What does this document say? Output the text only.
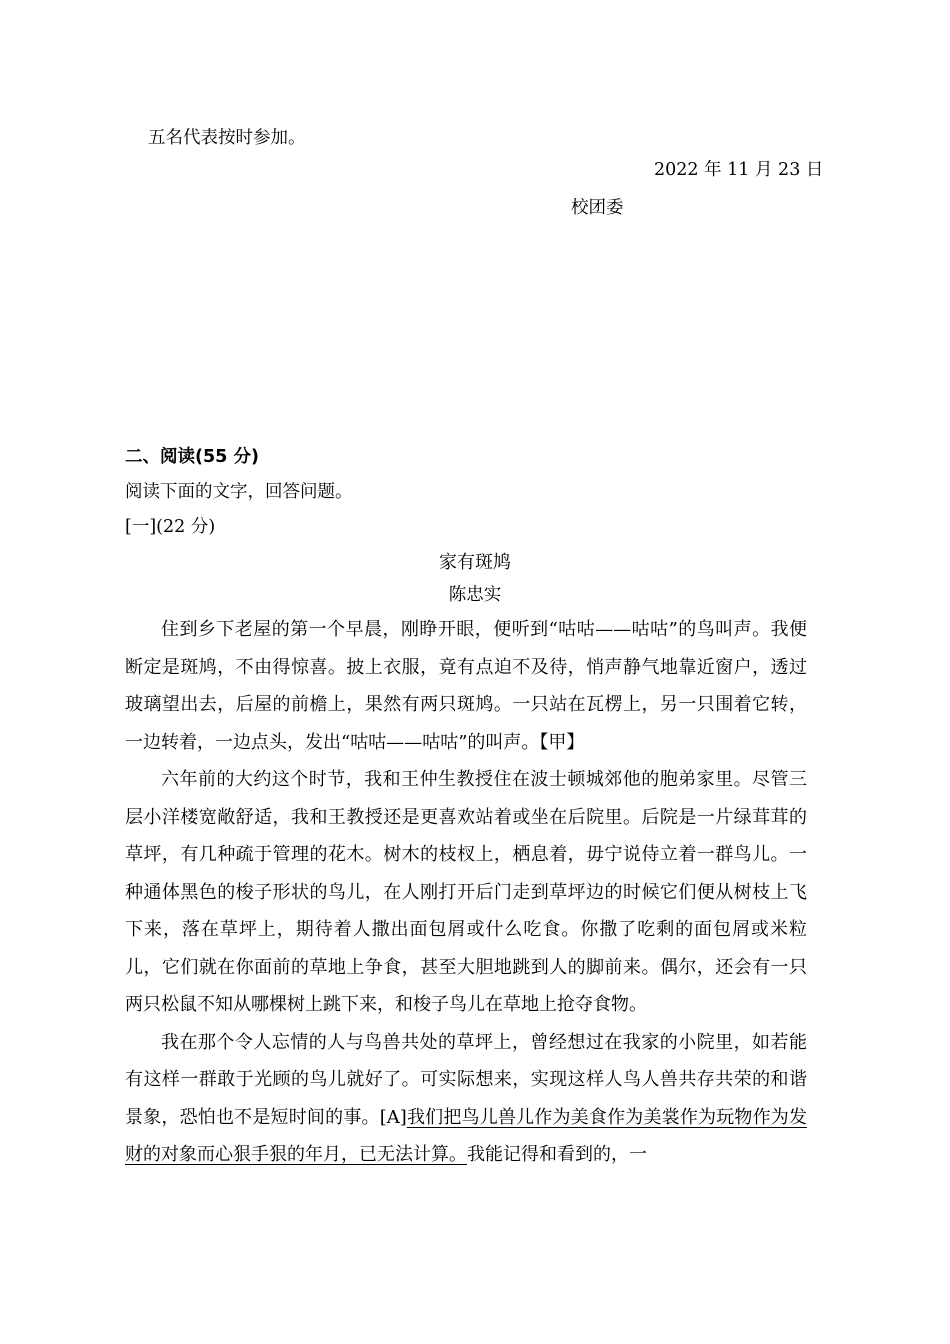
五名代表按时参加。
2022 年 11 月 23 日
校团委
二、阅读(55 分)
阅读下面的文字，回答问题。
[一](22 分)
家有斑鸠
陈忠实

住到乡下老屋的第一个早晨，刚睁开眼，便听到“咕咕——咕咕”的鸟叫声。我便断定是斑鸠，不由得惊喜。披上衣服，竟有点迫不及待，悄声静气地靠近窗户，透过玻璃望出去，后屋的前檐上，果然有两只斑鸠。一只站在瓦楞上，另一只围着它转，一边转着，一边点头，发出“咕咕——咕咕”的叫声。【甲】

六年前的大约这个时节，我和王仲生教授住在波士顿城郊他的胞弟家里。尽管三层小洋楼宽敞舒适，我和王教授还是更喜欢站着或坐在后院里。后院是一片绿茸茸的草坪，有几种疏于管理的花木。树木的枝杈上，栖息着，毋宁说侍立着一群鸟儿。一种通体黑色的梭子形状的鸟儿，在人刚打开后门走到草坪边的时候它们便从树枝上飞下来，落在草坪上，期待着人撒出面包屑或什么吃食。你撒了吃剩的面包屑或米粒儿，它们就在你面前的草地上争食，甚至大胆地跳到人的脚前来。偶尔，还会有一只两只松鼠不知从哪棵树上跳下来，和梭子鸟儿在草地上抢夺食物。

我在那个令人忘情的人与鸟兽共处的草坪上，曾经想过在我家的小院里，如若能有这样一群敢于光顾的鸟儿就好了。可实际想来，实现这样人鸟人兽共存共荣的和谐景象，恐怕也不是短时间的事。[A]我们把鸟儿兽儿作为美食作为美裳作为玩物作为发财的对象而心狠手狠的年月，已无法计算。我能记得和看到的，一
